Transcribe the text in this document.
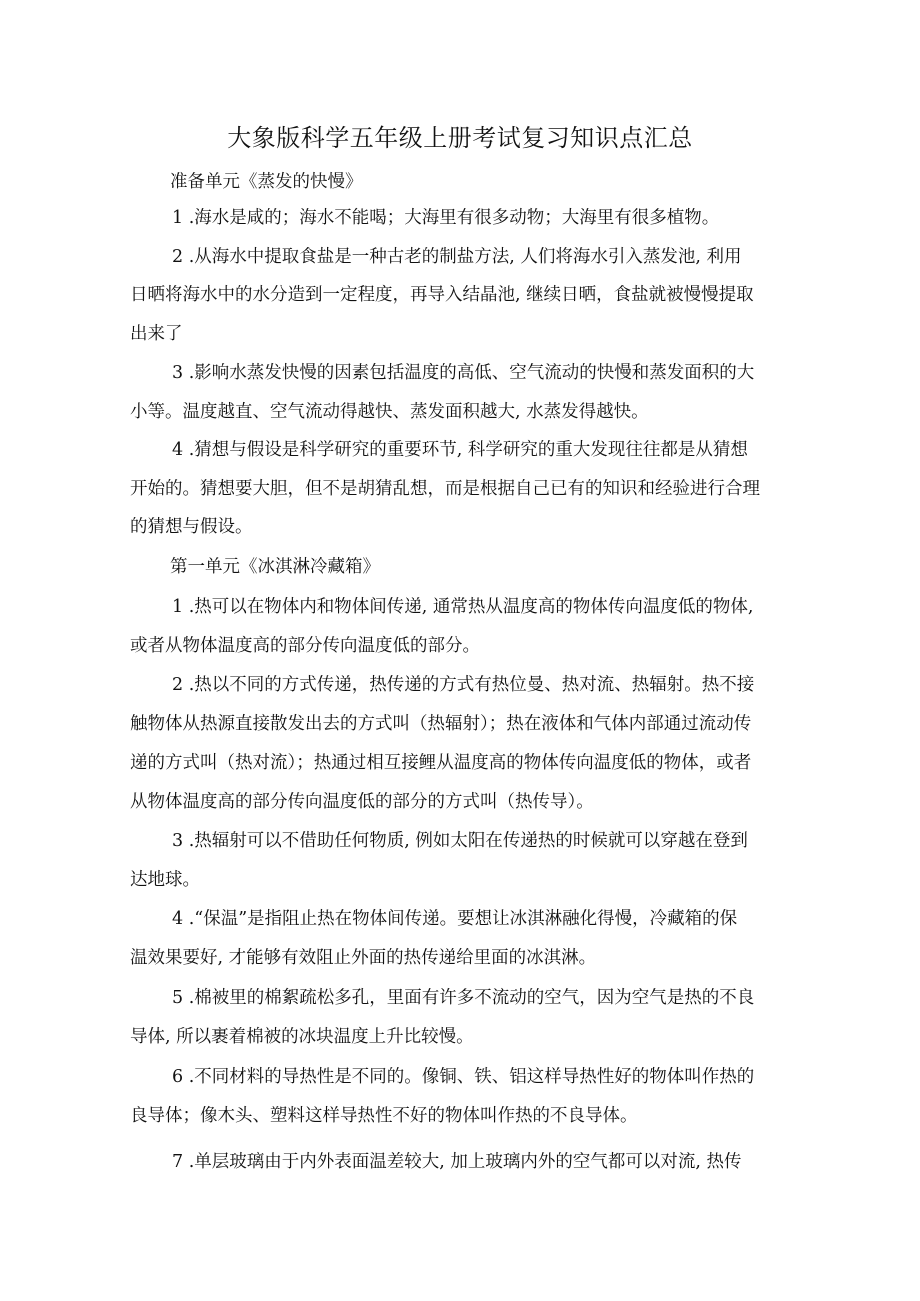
大象版科学五年级上册考试复习知识点汇总
准备单元《蒸发的快慢》
1 .海水是咸的；海水不能喝；大海里有很多动物；大海里有很多植物。
2 .从海水中提取食盐是一种古老的制盐方法, 人们将海水引入蒸发池, 利用
日晒将海水中的水分造到一定程度，再导入结晶池, 继续日晒，食盐就被慢慢提取
出来了
3 .影响水蒸发快慢的因素包括温度的高低、空气流动的快慢和蒸发面积的大
小等。温度越直、空气流动得越快、蒸发面积越大, 水蒸发得越快。
4 .猜想与假设是科学研究的重要环节, 科学研究的重大发现往往都是从猜想
开始的。猜想要大胆，但不是胡猜乱想，而是根据自己已有的知识和经验进行合理
的猜想与假设。
第一单元《冰淇淋冷藏箱》
1 .热可以在物体内和物体间传递, 通常热从温度高的物体传向温度低的物体,
或者从物体温度高的部分传向温度低的部分。
2 .热以不同的方式传递，热传递的方式有热位曼、热对流、热辐射。热不接
触物体从热源直接散发出去的方式叫（热辐射）；热在液体和气体内部通过流动传
递的方式叫（热对流）；热通过相互接鲤从温度高的物体传向温度低的物体，或者
从物体温度高的部分传向温度低的部分的方式叫（热传导）。
3 .热辐射可以不借助任何物质, 例如太阳在传递热的时候就可以穿越在登到
达地球。
4 .“保温”是指阻止热在物体间传递。要想让冰淇淋融化得慢，冷藏箱的保
温效果要好, 才能够有效阻止外面的热传递给里面的冰淇淋。
5 .棉被里的棉絮疏松多孔，里面有许多不流动的空气，因为空气是热的不良
导体, 所以裹着棉被的冰块温度上升比较慢。
6 .不同材料的导热性是不同的。像铜、铁、铝这样导热性好的物体叫作热的
良导体；像木头、塑料这样导热性不好的物体叫作热的不良导体。
7 .单层玻璃由于内外表面温差较大, 加上玻璃内外的空气都可以对流, 热传
